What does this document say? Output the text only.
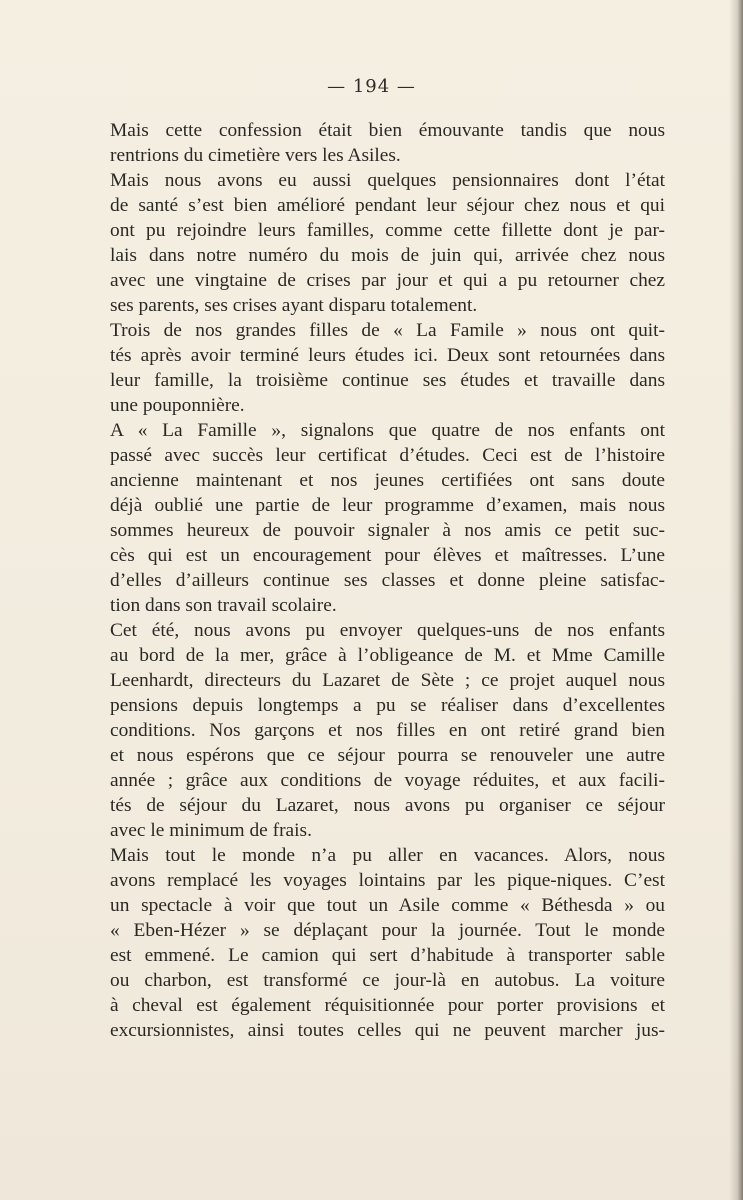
— 194 —

Mais cette confession était bien émouvante tandis que nous
rentrions du cimetière vers les Asiles.

Mais nous avons eu aussi quelques pensionnaires dont l’état
de santé s’est bien amélioré pendant leur séjour chez nous et qui
ont pu rejoindre leurs familles, comme cette fillette dont je par-
lais dans notre numéro du mois de juin qui, arrivée chez nous
avec une vingtaine de crises par jour et qui a pu retourner chez
ses parents, ses crises ayant disparu totalement.

Trois de nos grandes filles de « La Famile » nous ont quit-
tés après avoir terminé leurs études ici. Deux sont retournées dans
leur famille, la troisième continue ses études et travaille dans
une pouponnière.

A « La Famille », signalons que quatre de nos enfants ont
passé avec succès leur certificat d’études. Ceci est de l’histoire
ancienne maintenant et nos jeunes certifiées ont sans doute
déjà oublié une partie de leur programme d’examen, mais nous
sommes heureux de pouvoir signaler à nos amis ce petit suc-
cès qui est un encouragement pour élèves et maîtresses. L’une
d’elles d’ailleurs continue ses classes et donne pleine satisfac-
tion dans son travail scolaire.

Cet été, nous avons pu envoyer quelques-uns de nos enfants
au bord de la mer, grâce à l’obligeance de M. et Mme Camille
Leenhardt, directeurs du Lazaret de Sète ; ce projet auquel nous
pensions depuis longtemps a pu se réaliser dans d’excellentes
conditions. Nos garçons et nos filles en ont retiré grand bien
et nous espérons que ce séjour pourra se renouveler une autre
année ; grâce aux conditions de voyage réduites, et aux facili-
tés de séjour du Lazaret, nous avons pu organiser ce séjour
avec le minimum de frais.

Mais tout le monde n’a pu aller en vacances. Alors, nous
avons remplacé les voyages lointains par les pique-niques. C’est
un spectacle à voir que tout un Asile comme « Béthesda » ou
« Eben-Hézer » se déplaçant pour la journée. Tout le monde
est emmené. Le camion qui sert d’habitude à transporter sable
ou charbon, est transformé ce jour-là en autobus. La voiture
à cheval est également réquisitionnée pour porter provisions et
excursionnistes, ainsi toutes celles qui ne peuvent marcher jus-
